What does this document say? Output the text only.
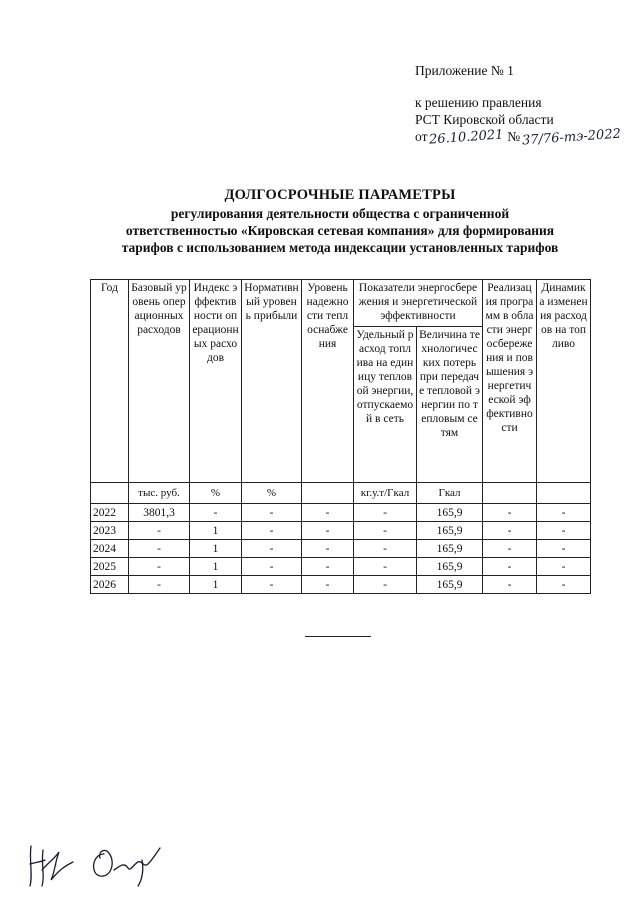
Приложение № 1
к решению правления
РСТ Кировской области
от 26.10.2021 № 37/76-тэ-2022
ДОЛГОСРОЧНЫЕ ПАРАМЕТРЫ
регулирования деятельности общества с ограниченной
ответственностью «Кировская сетевая компания» для формирования
тарифов с использованием метода индексации установленных тарифов
Год	Базовый уровень операционных расходов	Индекс эффективности операционных расходов	Нормативный уровень прибыли	Уровень надежности теплоснабжения	Показатели энергосбережения и энергетической эффективности		Реализация программ в области энергосбережения и повышения энергетической эффективности	Динамика изменения расходов на топливо
					Удельный расход топлива на единицу тепловой энергии, отпускаемой в сеть	Величина технологических потерь при передаче тепловой энергии по тепловым сетям		
	тыс. руб.	%	%		кг.у.т/Гкал	Гкал		
2022	3801,3	-	-	-	-	165,9	-	-
2023	-	1	-	-	-	165,9	-	-
2024	-	1	-	-	-	165,9	-	-
2025	-	1	-	-	-	165,9	-	-
2026	-	1	-	-	-	165,9	-	-
